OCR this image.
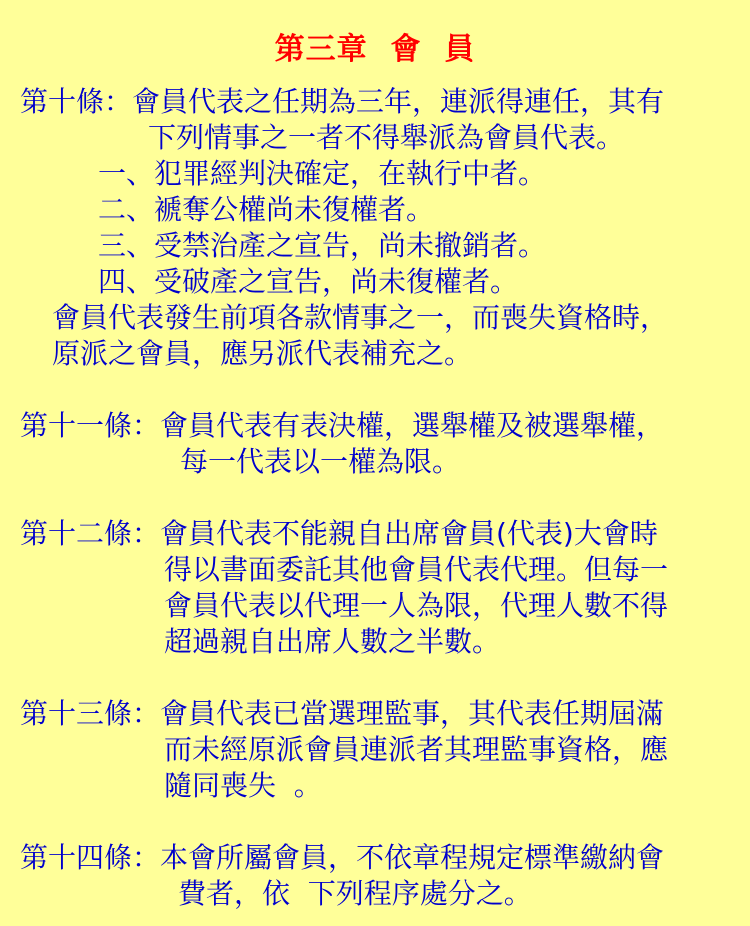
第三章  會  員
第十條：會員代表之任期為三年，連派得連任，其有
下列情事之一者不得舉派為會員代表。
一、犯罪經判決確定，在執行中者。
二、褫奪公權尚未復權者。
三、受禁治產之宣告，尚未撤銷者。
四、受破產之宣告，尚未復權者。
會員代表發生前項各款情事之一，而喪失資格時，
原派之會員，應另派代表補充之。
第十一條：會員代表有表決權，選舉權及被選舉權，
每一代表以一權為限。
第十二條：會員代表不能親自出席會員(代表)大會時
得以書面委託其他會員代表代理。但每一
會員代表以代理一人為限，代理人數不得
超過親自出席人數之半數。
第十三條：會員代表已當選理監事，其代表任期屆滿
而未經原派會員連派者其理監事資格，應
隨同喪失  。
第十四條：本會所屬會員，不依章程規定標準繳納會
費者，依  下列程序處分之。
